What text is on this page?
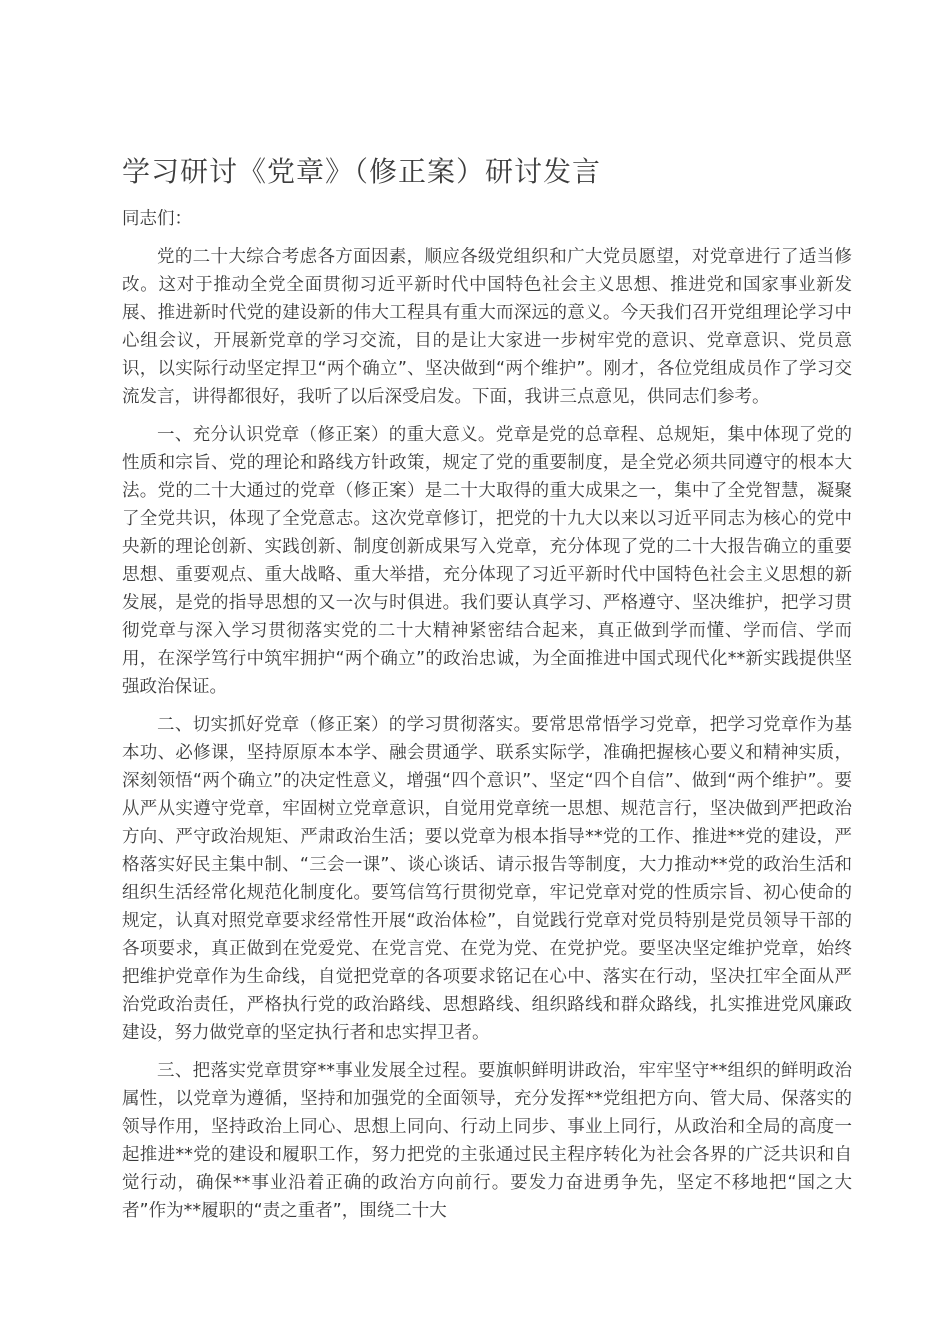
学习研讨《党章》（修正案）研讨发言

同志们：

党的二十大综合考虑各方面因素，顺应各级党组织和广大党员愿望，对党章进行了适当修改。这对于推动全党全面贯彻习近平新时代中国特色社会主义思想、推进党和国家事业新发展、推进新时代党的建设新的伟大工程具有重大而深远的意义。今天我们召开党组理论学习中心组会议，开展新党章的学习交流，目的是让大家进一步树牢党的意识、党章意识、党员意识，以实际行动坚定捍卫“两个确立”、坚决做到“两个维护”。刚才，各位党组成员作了学习交流发言，讲得都很好，我听了以后深受启发。下面，我讲三点意见，供同志们参考。

一、充分认识党章（修正案）的重大意义。党章是党的总章程、总规矩，集中体现了党的性质和宗旨、党的理论和路线方针政策，规定了党的重要制度，是全党必须共同遵守的根本大法。党的二十大通过的党章（修正案）是二十大取得的重大成果之一，集中了全党智慧，凝聚了全党共识，体现了全党意志。这次党章修订，把党的十九大以来以习近平同志为核心的党中央新的理论创新、实践创新、制度创新成果写入党章，充分体现了党的二十大报告确立的重要思想、重要观点、重大战略、重大举措，充分体现了习近平新时代中国特色社会主义思想的新发展，是党的指导思想的又一次与时俱进。我们要认真学习、严格遵守、坚决维护，把学习贯彻党章与深入学习贯彻落实党的二十大精神紧密结合起来，真正做到学而懂、学而信、学而用，在深学笃行中筑牢拥护“两个确立”的政治忠诚，为全面推进中国式现代化**新实践提供坚强政治保证。

二、切实抓好党章（修正案）的学习贯彻落实。要常思常悟学习党章，把学习党章作为基本功、必修课，坚持原原本本学、融会贯通学、联系实际学，准确把握核心要义和精神实质，深刻领悟“两个确立”的决定性意义，增强“四个意识”、坚定“四个自信”、做到“两个维护”。要从严从实遵守党章，牢固树立党章意识，自觉用党章统一思想、规范言行，坚决做到严把政治方向、严守政治规矩、严肃政治生活；要以党章为根本指导**党的工作、推进**党的建设，严格落实好民主集中制、“三会一课”、谈心谈话、请示报告等制度，大力推动**党的政治生活和组织生活经常化规范化制度化。要笃信笃行贯彻党章，牢记党章对党的性质宗旨、初心使命的规定，认真对照党章要求经常性开展“政治体检”，自觉践行党章对党员特别是党员领导干部的各项要求，真正做到在党爱党、在党言党、在党为党、在党护党。要坚决坚定维护党章，始终把维护党章作为生命线，自觉把党章的各项要求铭记在心中、落实在行动，坚决扛牢全面从严治党政治责任，严格执行党的政治路线、思想路线、组织路线和群众路线，扎实推进党风廉政建设，努力做党章的坚定执行者和忠实捍卫者。

三、把落实党章贯穿**事业发展全过程。要旗帜鲜明讲政治，牢牢坚守**组织的鲜明政治属性，以党章为遵循，坚持和加强党的全面领导，充分发挥**党组把方向、管大局、保落实的领导作用，坚持政治上同心、思想上同向、行动上同步、事业上同行，从政治和全局的高度一起推进**党的建设和履职工作，努力把党的主张通过民主程序转化为社会各界的广泛共识和自觉行动，确保**事业沿着正确的政治方向前行。要发力奋进勇争先，坚定不移地把“国之大者”作为**履职的“责之重者”，围绕二十大
